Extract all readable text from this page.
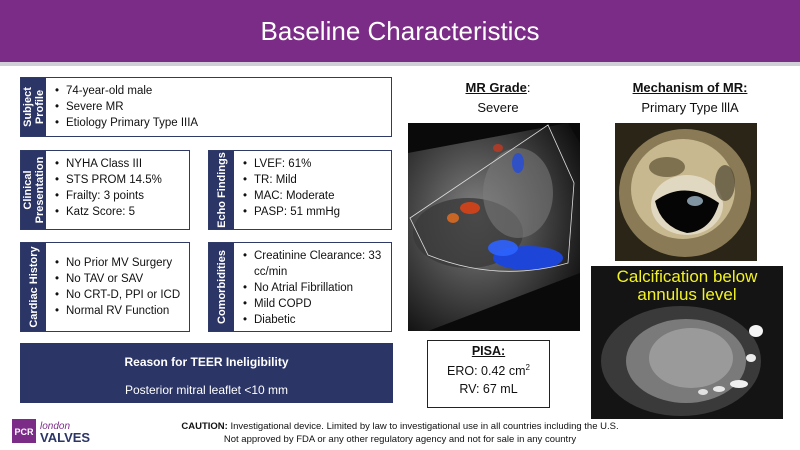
Baseline Characteristics
Subject Profile	• 74-year-old male
• Severe MR
• Etiology Primary Type IIIA
Clinical Presentation	• NYHA Class III
• STS PROM 14.5%
• Frailty: 3 points
• Katz Score: 5	Echo Findings	• LVEF: 61%
• TR: Mild
• MAC: Moderate
• PASP: 51 mmHg
Cardiac History	• No Prior MV Surgery
• No TAV or SAV
• No CRT-D, PPI or ICD
• Normal RV Function	Comorbidities	• Creatinine Clearance: 33 cc/min
• No Atrial Fibrillation
• Mild COPD
• Diabetic
Reason for TEER Ineligibility
Posterior mitral leaflet <10 mm
MR Grade:
Severe
Mechanism of MR:
Primary Type lllA
Calcification below annulus level
PISA:
ERO: 0.42 $cm^2$
RV: 67 mL
PCR london
VALVES
CAUTION: Investigational device. Limited by law to investigational use in all countries including the U.S.
Not approved by FDA or any other regulatory agency and not for sale in any country
